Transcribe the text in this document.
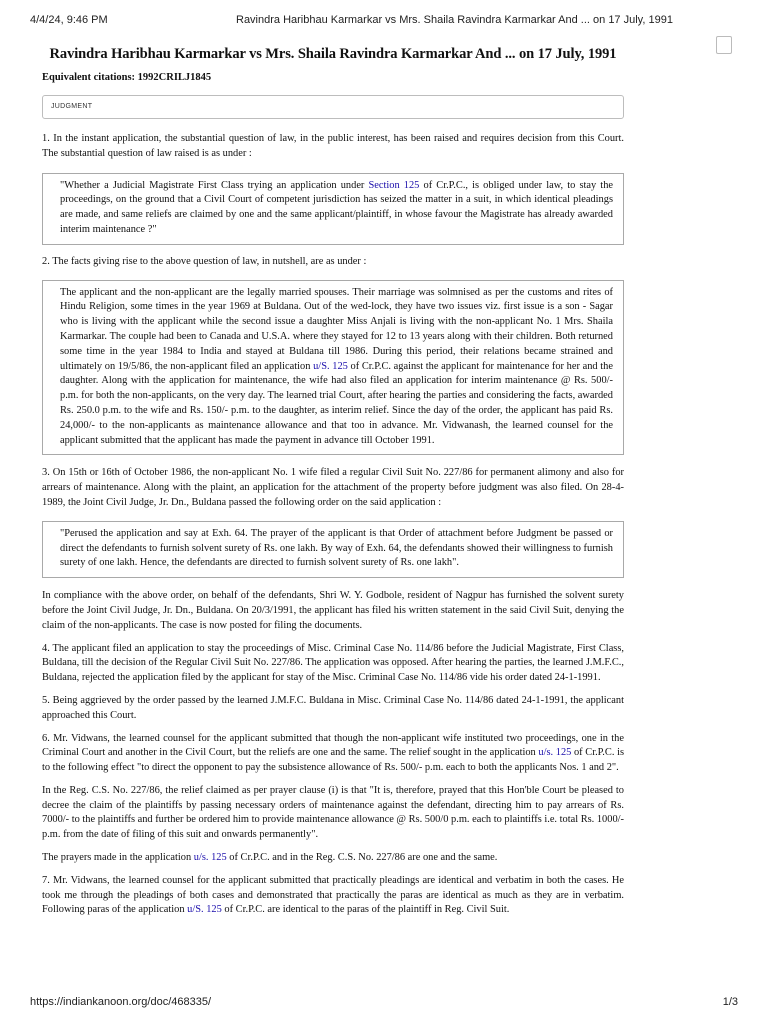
4/4/24, 9:46 PM	Ravindra Haribhau Karmarkar vs Mrs. Shaila Ravindra Karmarkar And ... on 17 July, 1991
Ravindra Haribhau Karmarkar vs Mrs. Shaila Ravindra Karmarkar And ... on 17 July, 1991
Equivalent citations: 1992CRILJ1845
JUDGMENT

1. In the instant application, the substantial question of law, in the public interest, has been raised and requires decision from this Court. The substantial question of law raised is as under :

"Whether a Judicial Magistrate First Class trying an application under Section 125 of Cr.P.C., is obliged under law, to stay the proceedings, on the ground that a Civil Court of competent jurisdiction has seized the matter in a suit, in which identical pleadings are made, and same reliefs are claimed by one and the same applicant/plaintiff, in whose favour the Magistrate has already awarded interim maintenance ?"

2. The facts giving rise to the above question of law, in nutshell, are as under :

The applicant and the non-applicant are the legally married spouses. Their marriage was solmnised as per the customs and rites of Hindu Religion, some times in the year 1969 at Buldana. Out of the wed-lock, they have two issues viz. first issue is a son - Sagar who is living with the applicant while the second issue a daughter Miss Anjali is living with the non-applicant No. 1 Mrs. Shaila Karmarkar. The couple had been to Canada and U.S.A. where they stayed for 12 to 13 years along with their children. Both returned some time in the year 1984 to India and stayed at Buldana till 1986. During this period, their relations became strained and ultimately on 19/5/86, the non-applicant filed an application u/S. 125 of Cr.P.C. against the applicant for maintenance for her and the daughter. Along with the application for maintenance, the wife had also filed an application for interim maintenance @ Rs. 500/- p.m. for both the non-applicants, on the very day. The learned trial Court, after hearing the parties and considering the facts, awarded Rs. 250.0 p.m. to the wife and Rs. 150/- p.m. to the daughter, as interim relief. Since the day of the order, the applicant has paid Rs. 24,000/- to the non-applicants as maintenance allowance and that too in advance. Mr. Vidwanash, the learned counsel for the applicant submitted that the applicant has made the payment in advance till October 1991.

3. On 15th or 16th of October 1986, the non-applicant No. 1 wife filed a regular Civil Suit No. 227/86 for permanent alimony and also for arrears of maintenance. Along with the plaint, an application for the attachment of the property before judgment was also filed. On 28-4-1989, the Joint Civil Judge, Jr. Dn., Buldana passed the following order on the said application :

"Perused the application and say at Exh. 64. The prayer of the applicant is that Order of attachment before Judgment be passed or direct the defendants to furnish solvent surety of Rs. one lakh. By way of Exh. 64, the defendants showed their willingness to furnish surety of one lakh. Hence, the defendants are directed to furnish solvent surety of Rs. one lakh".

In compliance with the above order, on behalf of the defendants, Shri W. Y. Godbole, resident of Nagpur has furnished the solvent surety before the Joint Civil Judge, Jr. Dn., Buldana. On 20/3/1991, the applicant has filed his written statement in the said Civil Suit, denying the claim of the non-applicants. The case is now posted for filing the documents.

4. The applicant filed an application to stay the proceedings of Misc. Criminal Case No. 114/86 before the Judicial Magistrate, First Class, Buldana, till the decision of the Regular Civil Suit No. 227/86. The application was opposed. After hearing the parties, the learned J.M.F.C., Buldana, rejected the application filed by the applicant for stay of the Misc. Criminal Case No. 114/86 vide his order dated 24-1-1991.

5. Being aggrieved by the order passed by the learned J.M.F.C. Buldana in Misc. Criminal Case No. 114/86 dated 24-1-1991, the applicant approached this Court.

6. Mr. Vidwans, the learned counsel for the applicant submitted that though the non-applicant wife instituted two proceedings, one in the Criminal Court and another in the Civil Court, but the reliefs are one and the same. The relief sought in the application u/s. 125 of Cr.P.C. is to the following effect "to direct the opponent to pay the subsistence allowance of Rs. 500/- p.m. each to both the applicants Nos. 1 and 2".

In the Reg. C.S. No. 227/86, the relief claimed as per prayer clause (i) is that "It is, therefore, prayed that this Hon'ble Court be pleased to decree the claim of the plaintiffs by passing necessary orders of maintenance against the defendant, directing him to pay arrears of Rs. 7000/- to the plaintiffs and further be ordered him to provide maintenance allowance @ Rs. 500/0 p.m. each to plaintiffs i.e. total Rs. 1000/- p.m. from the date of filing of this suit and onwards permanently".

The prayers made in the application u/s. 125 of Cr.P.C. and in the Reg. C.S. No. 227/86 are one and the same.

7. Mr. Vidwans, the learned counsel for the applicant submitted that practically pleadings are identical and verbatim in both the cases. He took me through the pleadings of both cases and demonstrated that practically the paras are identical as much as they are in verbatim. Following paras of the application u/S. 125 of Cr.P.C. are identical to the paras of the plaintiff in Reg. Civil Suit.

https://indiankanoon.org/doc/468335/	1/3
